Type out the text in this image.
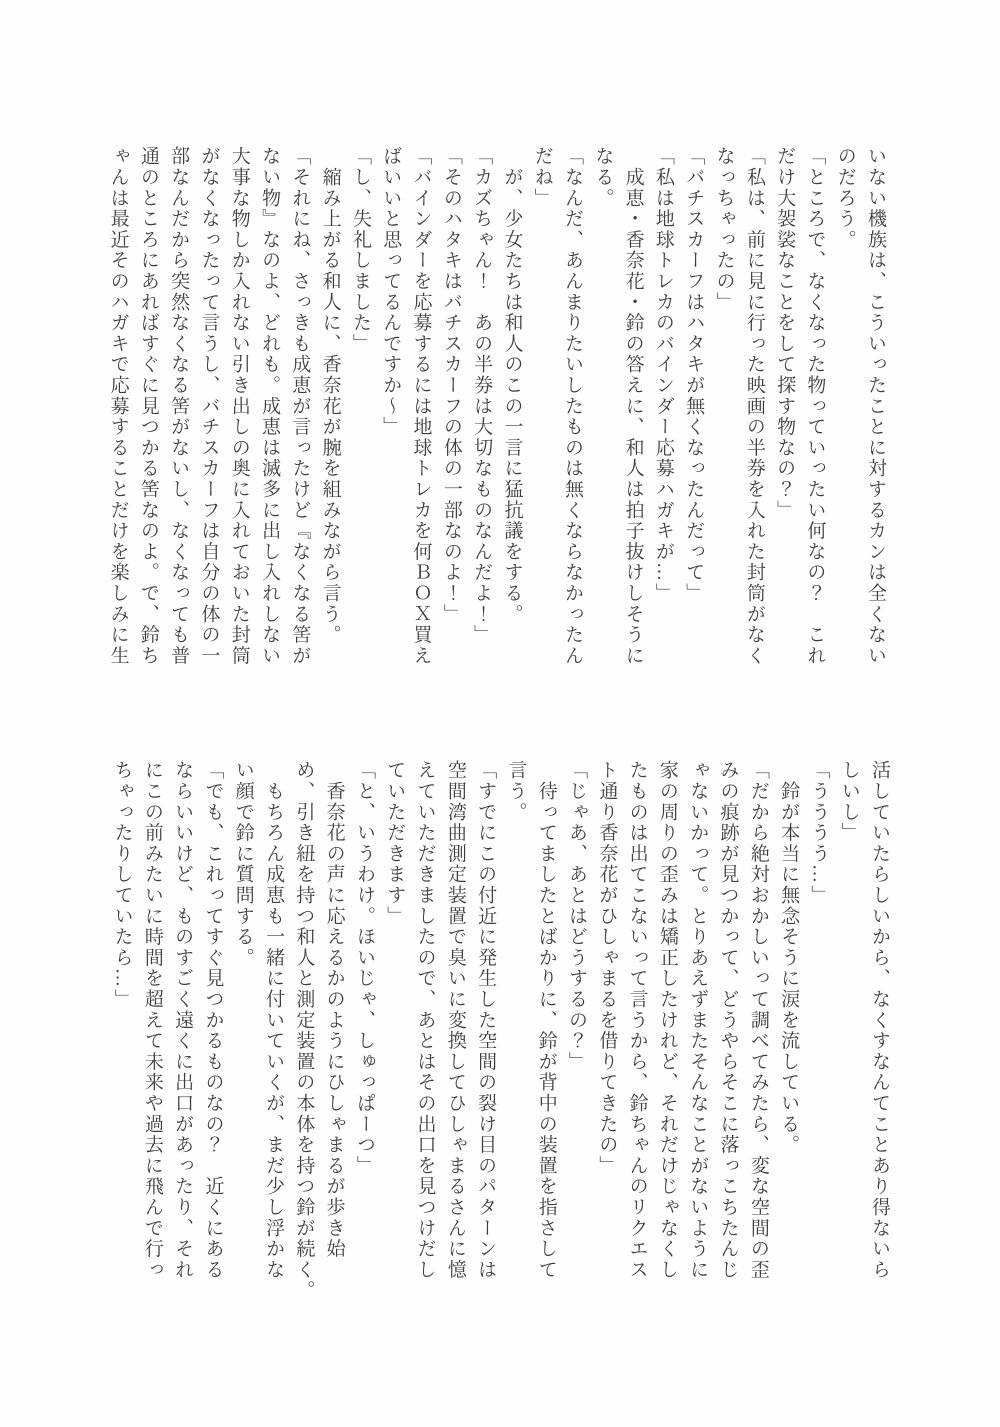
いない機族は、こういったことに対するカンは全くない
のだろう。
「ところで、なくなった物っていったい何なの？　これ
だけ大袈裟なことをして探す物なの？」
「私は、前に見に行った映画の半券を入れた封筒がなく
なっちゃったの」
「バチスカーフはハタキが無くなったんだって」
「私は地球トレカのバインダー応募ハガキが…」
　成恵・香奈花・鈴の答えに、和人は拍子抜けしそうに
なる。
「なんだ、あんまりたいしたものは無くならなかったん
だね」
　が、少女たちは和人のこの一言に猛抗議をする。
「カズちゃん！　あの半券は大切なものなんだよ！」
「そのハタキはバチスカーフの体の一部なのよ！」
「バインダーを応募するには地球トレカを何ＢＯＸ買え
ばいいと思ってるんですか〜」
「し、失礼しました」
　縮み上がる和人に、香奈花が腕を組みながら言う。
「それにね、さっきも成恵が言ったけど『なくなる筈が
ない物』なのよ、どれも。成恵は滅多に出し入れしない
大事な物しか入れない引き出しの奥に入れておいた封筒
がなくなったって言うし、バチスカーフは自分の体の一
部なんだから突然なくなる筈がないし、なくなっても普
通のところにあればすぐに見つかる筈なのよ。で、鈴ち
ゃんは最近そのハガキで応募することだけを楽しみに生
活していたらしいから、なくすなんてことあり得ないら
しいし」
「うううう…」
　鈴が本当に無念そうに涙を流している。
「だから絶対おかしいって調べてみたら、変な空間の歪
みの痕跡が見つかって、どうやらそこに落っこちたんじ
ゃないかって。とりあえずまたそんなことがないように
家の周りの歪みは矯正したけれど、それだけじゃなくし
たものは出てこないって言うから、鈴ちゃんのリクエス
ト通り香奈花がひしゃまるを借りてきたの」
「じゃあ、あとはどうするの？」
　待ってましたとばかりに、鈴が背中の装置を指さして
言う。
「すでにこの付近に発生した空間の裂け目のパターンは
空間湾曲測定装置で臭いに変換してひしゃまるさんに憶
えていただきましたので、あとはその出口を見つけだし
ていただきます」
「と、いうわけ。ほいじゃ、しゅっぱーつ」
　香奈花の声に応えるかのようにひしゃまるが歩き始
め、引き紐を持つ和人と測定装置の本体を持つ鈴が続く。
　もちろん成恵も一緒に付いていくが、まだ少し浮かな
い顔で鈴に質問する。
「でも、これってすぐ見つかるものなの？　近くにある
ならいいけど、ものすごく遠くに出口があったり、それ
にこの前みたいに時間を超えて未来や過去に飛んで行っ
ちゃったりしていたら…」
